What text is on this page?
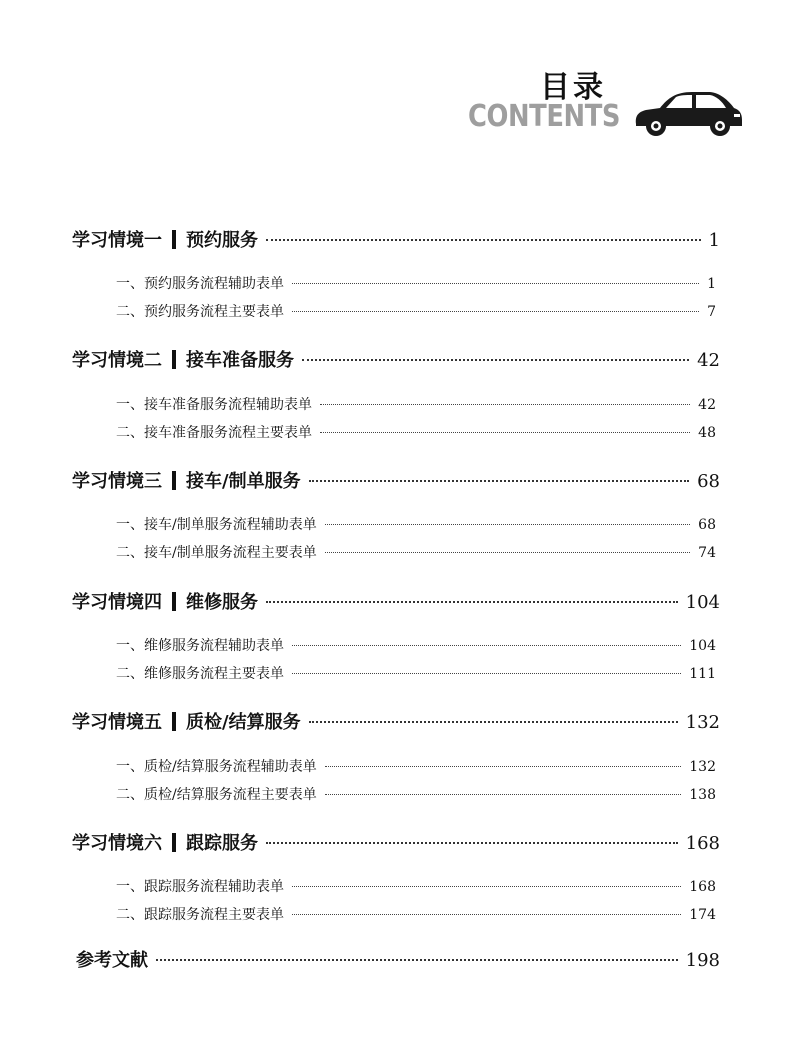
目录
CONTENTS
学习情境一 预约服务	1
一、预约服务流程辅助表单	1
二、预约服务流程主要表单	7
学习情境二 接车准备服务	42
一、接车准备服务流程辅助表单	42
二、接车准备服务流程主要表单	48
学习情境三 接车/制单服务	68
一、接车/制单服务流程辅助表单	68
二、接车/制单服务流程主要表单	74
学习情境四 维修服务	104
一、维修服务流程辅助表单	104
二、维修服务流程主要表单	111
学习情境五 质检/结算服务	132
一、质检/结算服务流程辅助表单	132
二、质检/结算服务流程主要表单	138
学习情境六 跟踪服务	168
一、跟踪服务流程辅助表单	168
二、跟踪服务流程主要表单	174
参考文献	198
